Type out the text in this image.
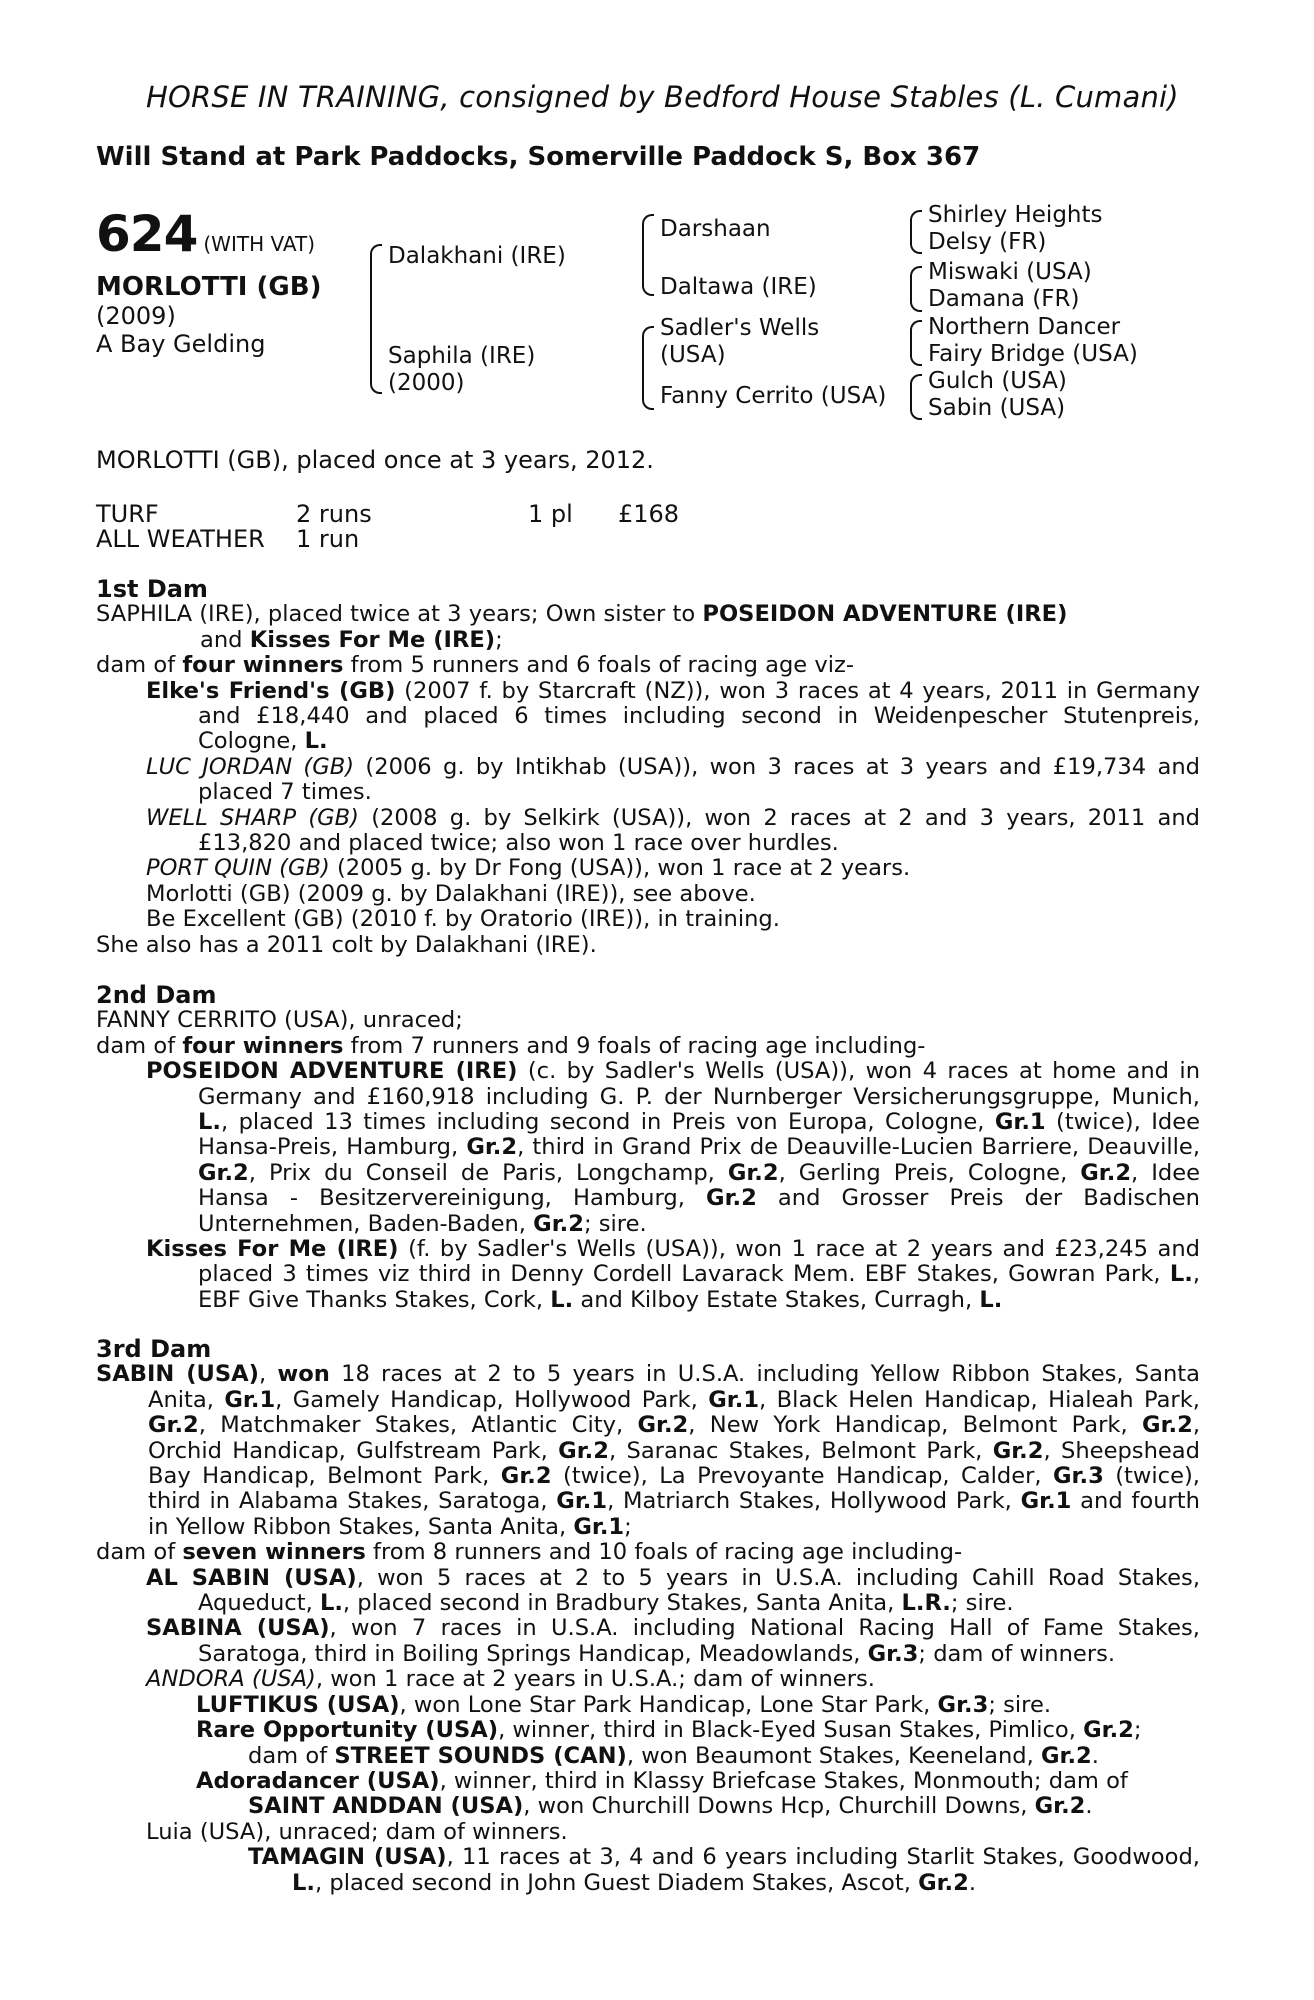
HORSE IN TRAINING, consigned by Bedford House Stables (L. Cumani)
Will Stand at Park Paddocks, Somerville Paddock S, Box 367
624 (WITH VAT)
MORLOTTI (GB)
(2009)
A Bay Gelding
Dalakhani (IRE)
Saphila (IRE)
(2000)
Darshaan
Daltawa (IRE)
Sadler's Wells
(USA)
Fanny Cerrito (USA)
Shirley Heights
Delsy (FR)
Miswaki (USA)
Damana (FR)
Northern Dancer
Fairy Bridge (USA)
Gulch (USA)
Sabin (USA)
MORLOTTI (GB), placed once at 3 years, 2012.
TURF	2 runs	1 pl £168
ALL WEATHER 1 run

1st Dam

SAPHILA (IRE), placed twice at 3 years; Own sister to POSEIDON ADVENTURE (IRE)
and Kisses For Me (IRE);

dam of four winners from 5 runners and 6 foals of racing age viz-

Elke's Friend's (GB) (2007 f. by Starcraft (NZ)), won 3 races at 4 years, 2011 in Germany and £18,440 and placed 6 times including second in Weidenpescher Stutenpreis, Cologne, L.

LUC JORDAN (GB) (2006 g. by Intikhab (USA)), won 3 races at 3 years and £19,734 and placed 7 times.

WELL SHARP (GB) (2008 g. by Selkirk (USA)), won 2 races at 2 and 3 years, 2011 and £13,820 and placed twice; also won 1 race over hurdles.

PORT QUIN (GB) (2005 g. by Dr Fong (USA)), won 1 race at 2 years.

Morlotti (GB) (2009 g. by Dalakhani (IRE)), see above.

Be Excellent (GB) (2010 f. by Oratorio (IRE)), in training.

She also has a 2011 colt by Dalakhani (IRE).

2nd Dam

FANNY CERRITO (USA), unraced;

dam of four winners from 7 runners and 9 foals of racing age including-

POSEIDON ADVENTURE (IRE) (c. by Sadler's Wells (USA)), won 4 races at home and in Germany and £160,918 including G. P. der Nurnberger Versicherungsgruppe, Munich, L., placed 13 times including second in Preis von Europa, Cologne, Gr.1 (twice), Idee Hansa-Preis, Hamburg, Gr.2, third in Grand Prix de Deauville-Lucien Barriere, Deauville, Gr.2, Prix du Conseil de Paris, Longchamp, Gr.2, Gerling Preis, Cologne, Gr.2, Idee Hansa - Besitzervereinigung, Hamburg, Gr.2 and Grosser Preis der Badischen Unternehmen, Baden-Baden, Gr.2; sire.

Kisses For Me (IRE) (f. by Sadler's Wells (USA)), won 1 race at 2 years and £23,245 and placed 3 times viz third in Denny Cordell Lavarack Mem. EBF Stakes, Gowran Park, L., EBF Give Thanks Stakes, Cork, L. and Kilboy Estate Stakes, Curragh, L.

3rd Dam

SABIN (USA), won 18 races at 2 to 5 years in U.S.A. including Yellow Ribbon Stakes, Santa Anita, Gr.1, Gamely Handicap, Hollywood Park, Gr.1, Black Helen Handicap, Hialeah Park, Gr.2, Matchmaker Stakes, Atlantic City, Gr.2, New York Handicap, Belmont Park, Gr.2, Orchid Handicap, Gulfstream Park, Gr.2, Saranac Stakes, Belmont Park, Gr.2, Sheepshead Bay Handicap, Belmont Park, Gr.2 (twice), La Prevoyante Handicap, Calder, Gr.3 (twice), third in Alabama Stakes, Saratoga, Gr.1, Matriarch Stakes, Hollywood Park, Gr.1 and fourth in Yellow Ribbon Stakes, Santa Anita, Gr.1;

dam of seven winners from 8 runners and 10 foals of racing age including-

AL SABIN (USA), won 5 races at 2 to 5 years in U.S.A. including Cahill Road Stakes, Aqueduct, L., placed second in Bradbury Stakes, Santa Anita, L.R.; sire.

SABINA (USA), won 7 races in U.S.A. including National Racing Hall of Fame Stakes, Saratoga, third in Boiling Springs Handicap, Meadowlands, Gr.3; dam of winners.

ANDORA (USA), won 1 race at 2 years in U.S.A.; dam of winners.

LUFTIKUS (USA), won Lone Star Park Handicap, Lone Star Park, Gr.3; sire.

Rare Opportunity (USA), winner, third in Black-Eyed Susan Stakes, Pimlico, Gr.2;

dam of STREET SOUNDS (CAN), won Beaumont Stakes, Keeneland, Gr.2.

Adoradancer (USA), winner, third in Klassy Briefcase Stakes, Monmouth; dam of

SAINT ANDDAN (USA), won Churchill Downs Hcp, Churchill Downs, Gr.2.

Luia (USA), unraced; dam of winners.

TAMAGIN (USA), 11 races at 3, 4 and 6 years including Starlit Stakes, Goodwood, L., placed second in John Guest Diadem Stakes, Ascot, Gr.2.
